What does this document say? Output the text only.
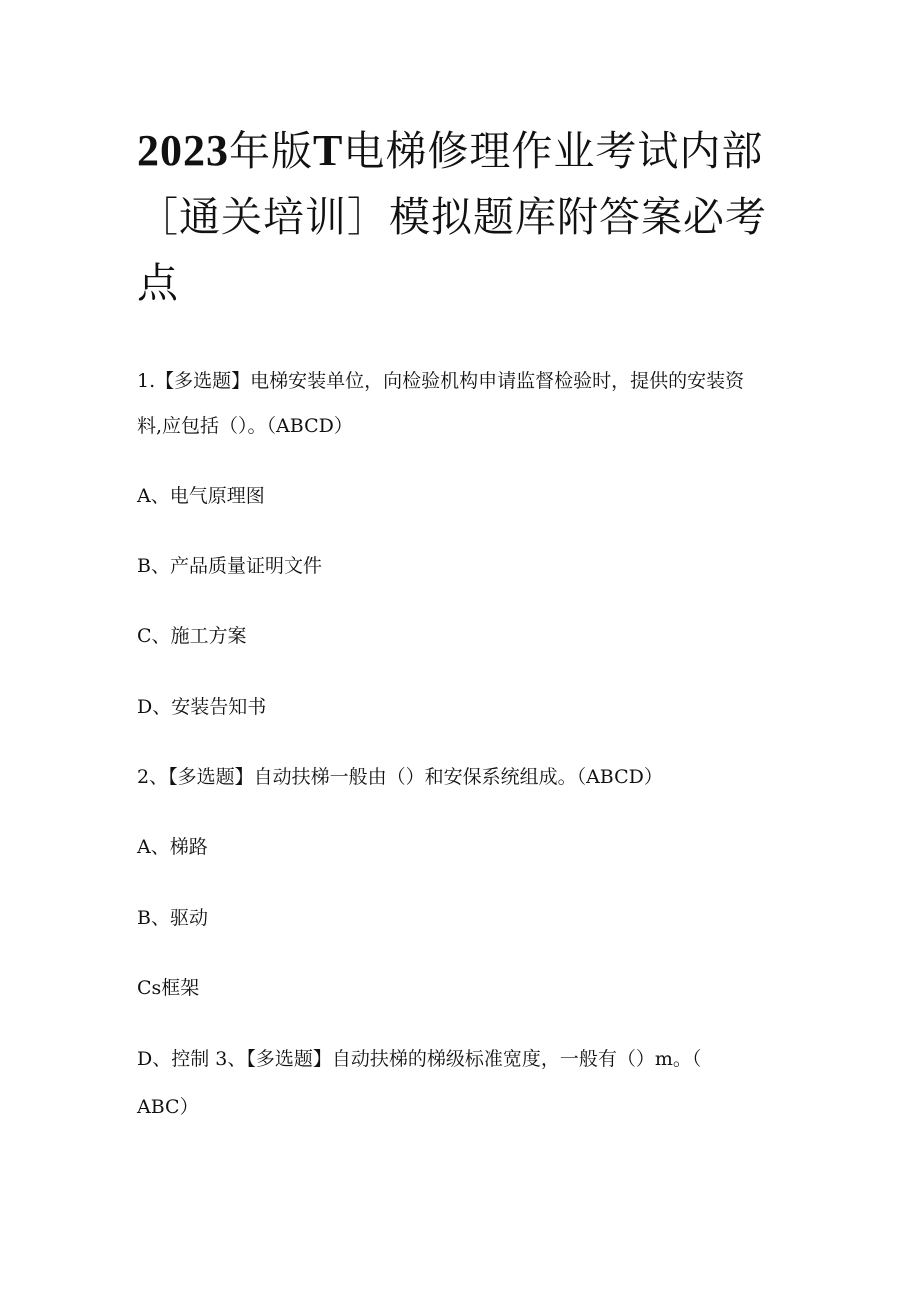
2023年版T电梯修理作业考试内部［通关培训］模拟题库附答案必考点

1.【多选题】电梯安装单位，向检验机构申请监督检验时，提供的安装资

料,应包括（）。（ABCD）

A、电气原理图

B、产品质量证明文件

C、施工方案

D、安装告知书

2、【多选题】自动扶梯一般由（）和安保系统组成。（ABCD）

A、梯路

B、驱动

Cs框架

D、控制 3、【多选题】自动扶梯的梯级标准宽度，一般有（）m。（

ABC）
